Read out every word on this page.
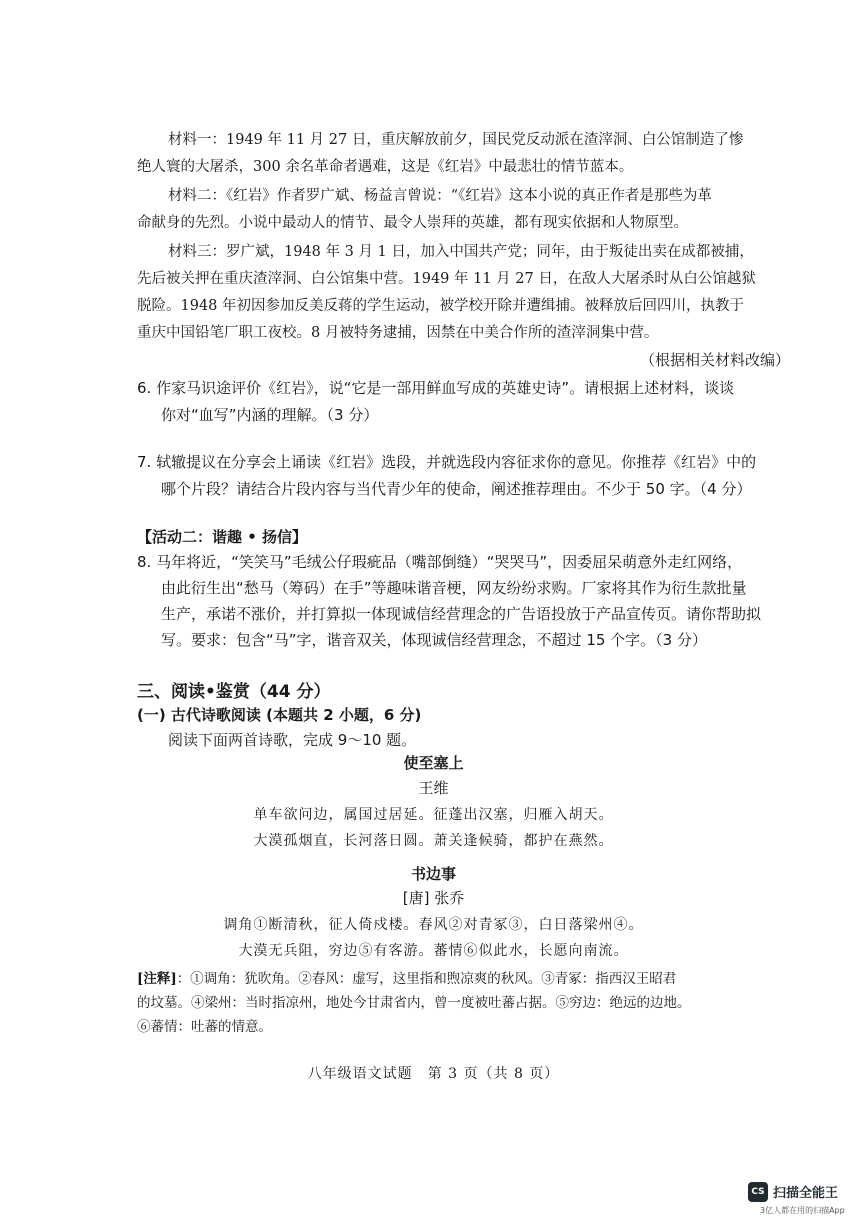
材料一：1949 年 11 月 27 日，重庆解放前夕，国民党反动派在渣滓洞、白公馆制造了惨
绝人寰的大屠杀，300 余名革命者遇难，这是《红岩》中最悲壮的情节蓝本。
材料二：《红岩》作者罗广斌、杨益言曾说：“《红岩》这本小说的真正作者是那些为革
命献身的先烈。小说中最动人的情节、最令人崇拜的英雄，都有现实依据和人物原型。
材料三：罗广斌，1948 年 3 月 1 日，加入中国共产党；同年，由于叛徒出卖在成都被捕，
先后被关押在重庆渣滓洞、白公馆集中营。1949 年 11 月 27 日，在敌人大屠杀时从白公馆越狱
脱险。1948 年初因参加反美反蒋的学生运动，被学校开除并遭缉捕。被释放后回四川，执教于
重庆中国铅笔厂职工夜校。8 月被特务逮捕，因禁在中美合作所的渣滓洞集中营。
（根据相关材料改编）
6. 作家马识途评价《红岩》，说“它是一部用鲜血写成的英雄史诗”。请根据上述材料，谈谈
你对“血写”内涵的理解。（3 分）
7. 轼辙提议在分享会上诵读《红岩》选段，并就选段内容征求你的意见。你推荐《红岩》中的
哪个片段？请结合片段内容与当代青少年的使命，阐述推荐理由。不少于 50 字。（4 分）
【活动二：谐趣 • 扬信】
8. 马年将近，“笑笑马”毛绒公仔瑕疵品（嘴部倒缝）“哭哭马”，因委屈呆萌意外走红网络，
由此衍生出“愁马（筹码）在手”等趣味谐音梗，网友纷纷求购。厂家将其作为衍生款批量
生产，承诺不涨价，并打算拟一体现诚信经营理念的广告语投放于产品宣传页。请你帮助拟
写。要求：包含“马”字，谐音双关，体现诚信经营理念，不超过 15 个字。（3 分）
三、阅读•鉴赏（44 分）
(一) 古代诗歌阅读 (本题共 2 小题，6 分)
阅读下面两首诗歌，完成 9～10 题。
使至塞上
王维
单车欲问边，属国过居延。征蓬出汉塞，归雁入胡天。
大漠孤烟直，长河落日圆。萧关逢候骑，都护在燕然。
书边事
[唐] 张乔
调角①断清秋，征人倚戍楼。春风②对青冢③，白日落梁州④。
大漠无兵阻，穷边⑤有客游。蕃情⑥似此水，长愿向南流。
[注释]：①调角：犹吹角。②春风：虚写，这里指和煦凉爽的秋风。③青冢：指西汉王昭君
的坟墓。④梁州：当时指凉州，地处今甘肃省内，曾一度被吐蕃占据。⑤穷边：绝远的边地。
⑥蕃情：吐蕃的情意。
八年级语文试题　第 3 页（共 8 页）
CS 扫描全能王
3亿人都在用的扫描App
